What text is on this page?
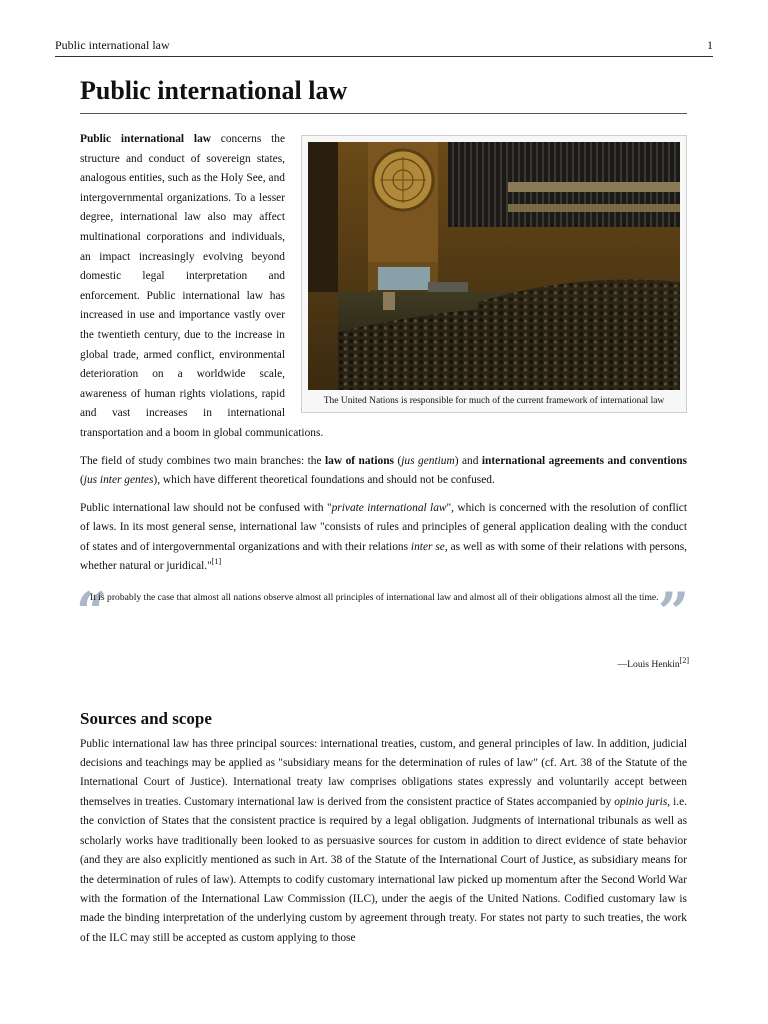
Public international law	1
Public international law
The United Nations is responsible for much of the current framework of international law

Public international law concerns the structure and conduct of sovereign states, analogous entities, such as the Holy See, and intergovernmental organizations. To a lesser degree, international law also may affect multinational corporations and individuals, an impact increasingly evolving beyond domestic legal interpretation and enforcement. Public international law has increased in use and importance vastly over the twentieth century, due to the increase in global trade, armed conflict, environmental deterioration on a worldwide scale, awareness of human rights violations, rapid and vast increases in international transportation and a boom in global communications.

The field of study combines two main branches: the law of nations (jus gentium) and international agreements and conventions (jus inter gentes), which have different theoretical foundations and should not be confused.

Public international law should not be confused with "private international law", which is concerned with the resolution of conflict of laws. In its most general sense, international law "consists of rules and principles of general application dealing with the conduct of states and of intergovernmental organizations and with their relations inter se, as well as with some of their relations with persons, whether natural or juridical."[1]

“
It is probably the case that almost all nations observe almost all principles of international law and almost all of their obligations almost all the time. ”
—Louis Henkin[2]
Sources and scope

Public international law has three principal sources: international treaties, custom, and general principles of law. In addition, judicial decisions and teachings may be applied as "subsidiary means for the determination of rules of law" (cf. Art. 38 of the Statute of the International Court of Justice). International treaty law comprises obligations states expressly and voluntarily accept between themselves in treaties. Customary international law is derived from the consistent practice of States accompanied by opinio juris, i.e. the conviction of States that the consistent practice is required by a legal obligation. Judgments of international tribunals as well as scholarly works have traditionally been looked to as persuasive sources for custom in addition to direct evidence of state behavior (and they are also explicitly mentioned as such in Art. 38 of the Statute of the International Court of Justice, as subsidiary means for the determination of rules of law). Attempts to codify customary international law picked up momentum after the Second World War with the formation of the International Law Commission (ILC), under the aegis of the United Nations. Codified customary law is made the binding interpretation of the underlying custom by agreement through treaty. For states not party to such treaties, the work of the ILC may still be accepted as custom applying to those
